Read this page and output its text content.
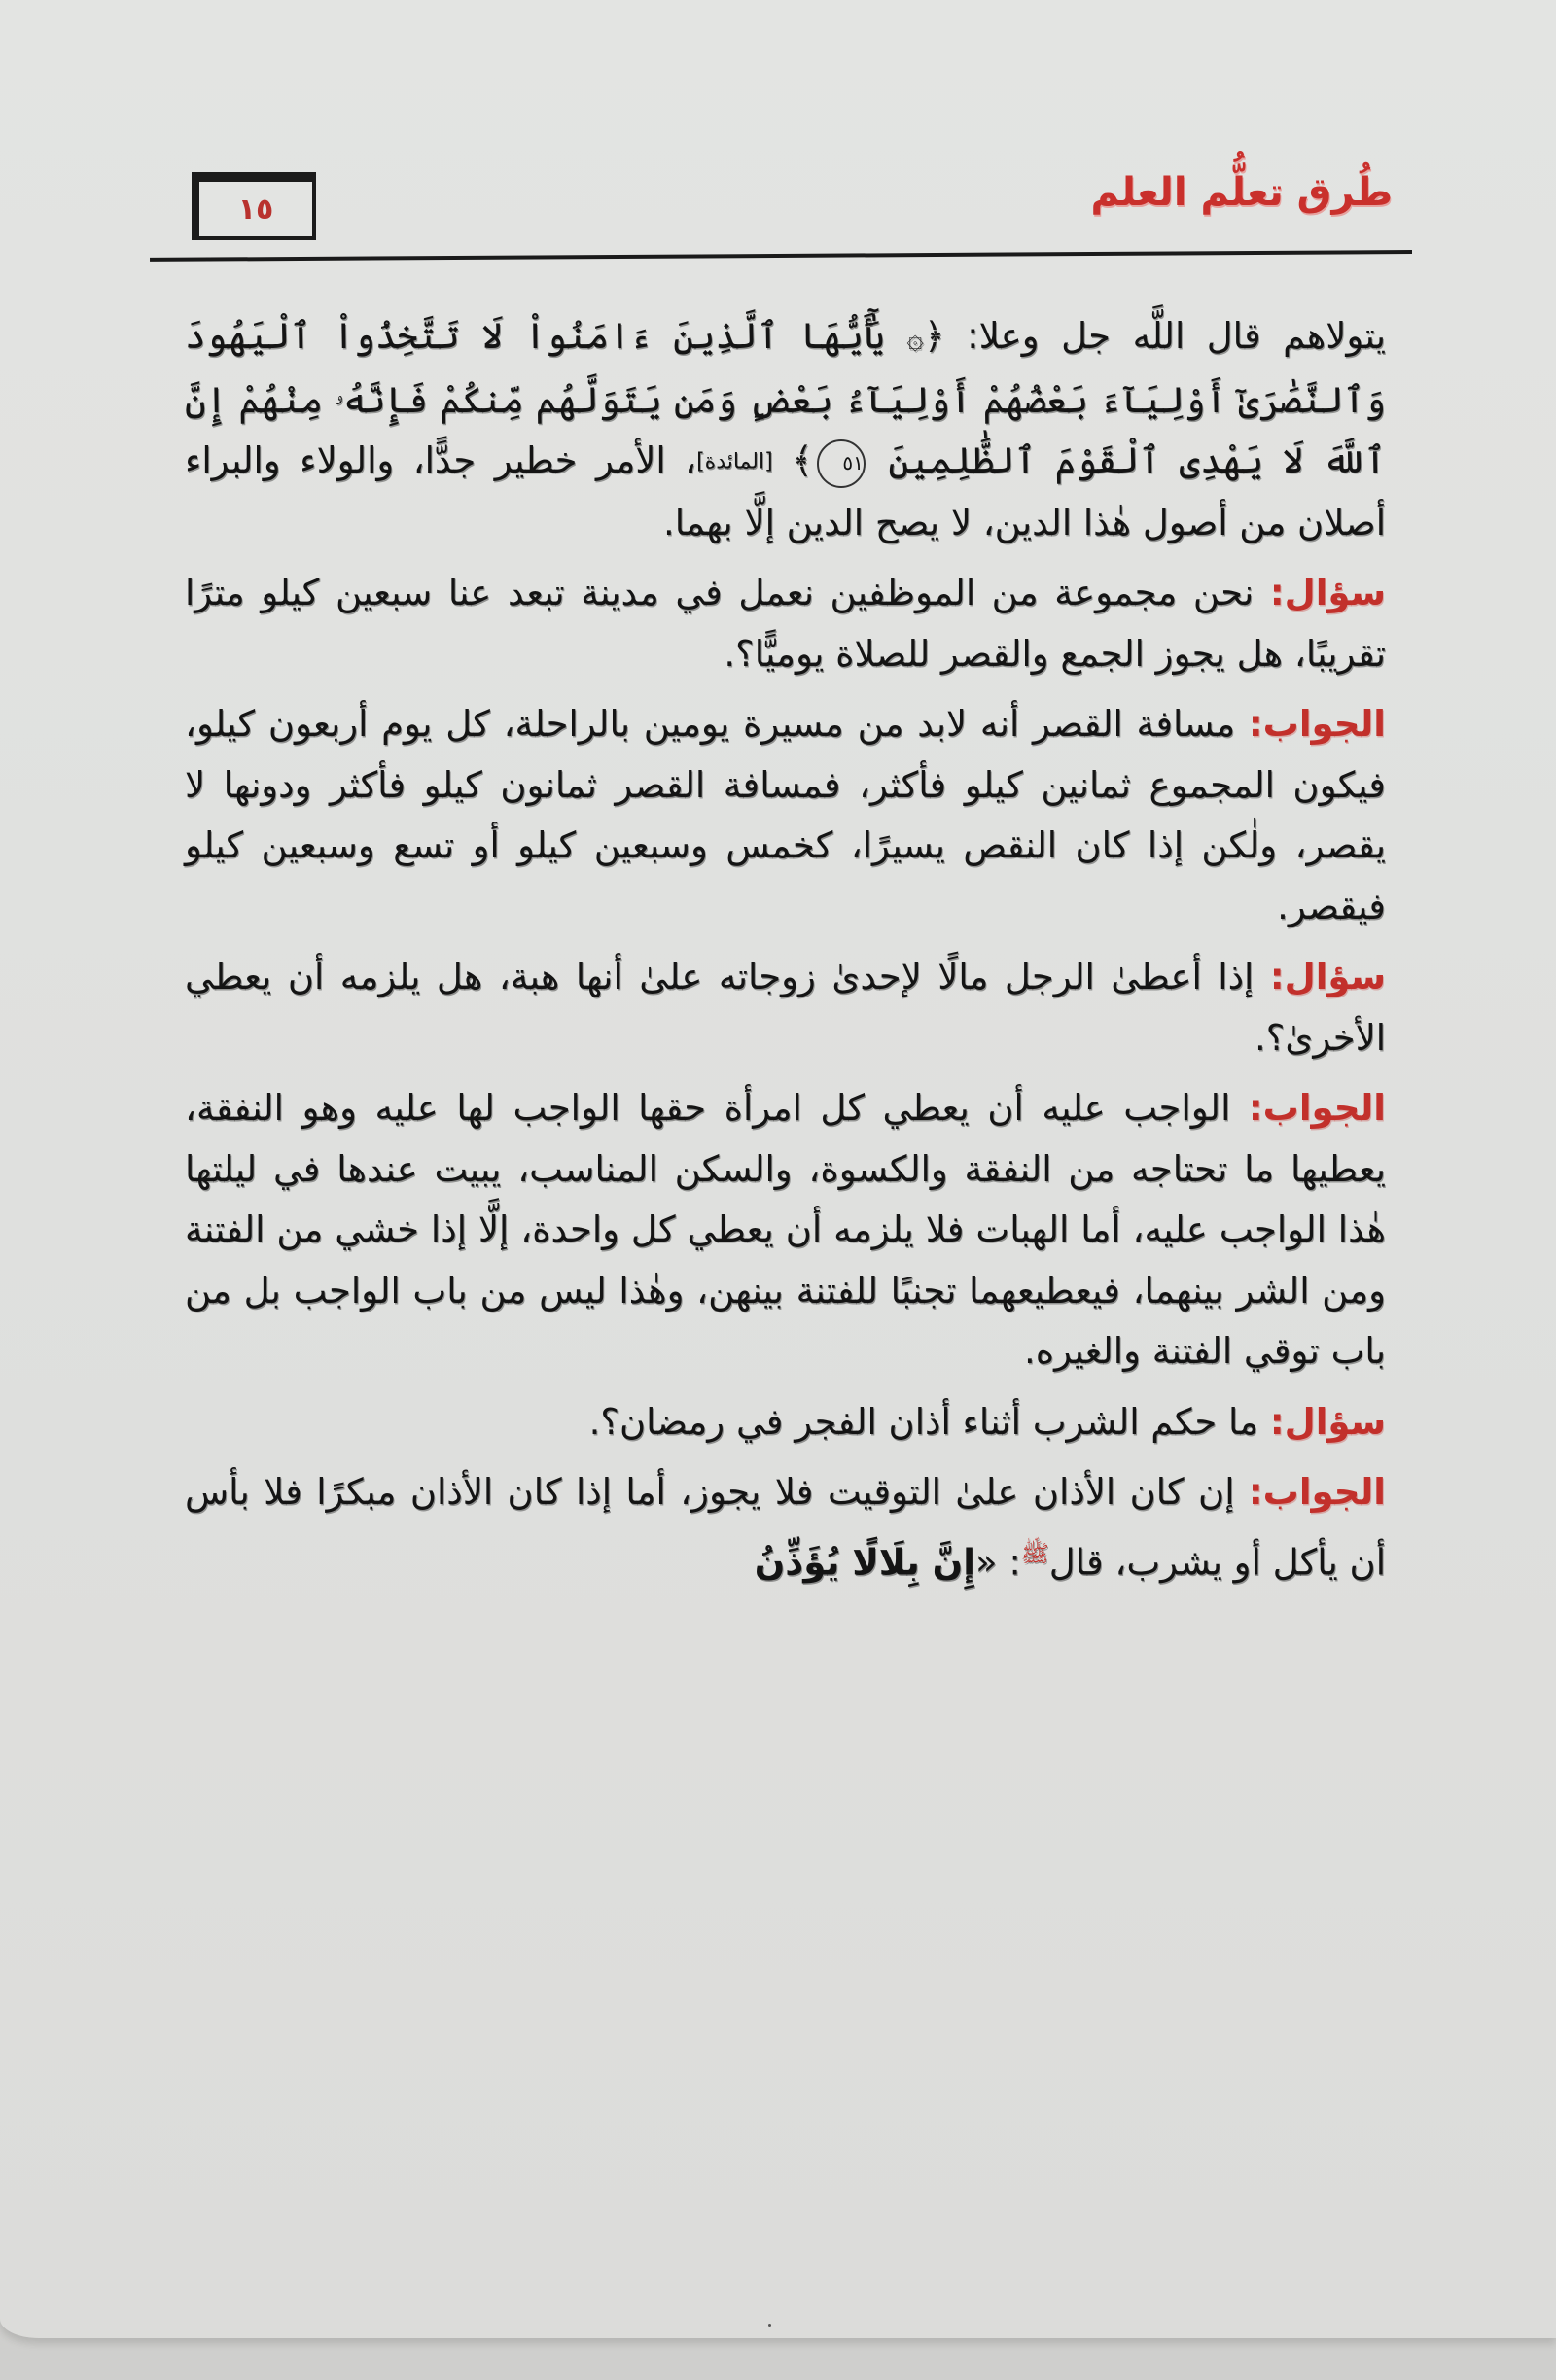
طُرق تعلُّم العلم
١٥

يتولاهم قال اللَّه جل وعلا: ﴿۞ يَٰٓأَيُّهَا ٱلَّذِينَ ءَامَنُواْ لَا تَتَّخِذُواْ ٱلْيَهُودَ وَٱلنَّصَٰرَىٰٓ أَوْلِيَآءَ بَعْضُهُمْ أَوْلِيَآءُ بَعْضٍ وَمَن يَتَوَلَّهُم مِّنكُمْ فَإِنَّهُۥ مِنْهُمْ إِنَّ ٱللَّهَ لَا يَهْدِى ٱلْقَوْمَ ٱلظَّٰلِمِينَ ٥١﴾ [المائدة]، الأمر خطير جدًّا، والولاء والبراء أصلان من أصول هٰذا الدين، لا يصح الدين إلَّا بهما.

سؤال: نحن مجموعة من الموظفين نعمل في مدينة تبعد عنا سبعين كيلو مترًا تقريبًا، هل يجوز الجمع والقصر للصلاة يوميًّا؟.

الجواب: مسافة القصر أنه لابد من مسيرة يومين بالراحلة، كل يوم أربعون كيلو، فيكون المجموع ثمانين كيلو فأكثر، فمسافة القصر ثمانون كيلو فأكثر ودونها لا يقصر، ولٰكن إذا كان النقص يسيرًا، كخمس وسبعين كيلو أو تسع وسبعين كيلو فيقصر.

سؤال: إذا أعطىٰ الرجل مالًا لإحدىٰ زوجاته علىٰ أنها هبة، هل يلزمه أن يعطي الأخرىٰ؟.

الجواب: الواجب عليه أن يعطي كل امرأة حقها الواجب لها عليه وهو النفقة، يعطيها ما تحتاجه من النفقة والكسوة، والسكن المناسب، يبيت عندها في ليلتها هٰذا الواجب عليه، أما الهبات فلا يلزمه أن يعطي كل واحدة، إلَّا إذا خشي من الفتنة ومن الشر بينهما، فيعطيعهما تجنبًا للفتنة بينهن، وهٰذا ليس من باب الواجب بل من باب توقي الفتنة والغيره.

سؤال: ما حكم الشرب أثناء أذان الفجر في رمضان؟.

الجواب: إن كان الأذان علىٰ التوقيت فلا يجوز، أما إذا كان الأذان مبكرًا فلا بأس أن يأكل أو يشرب، قال$^ﷺ$: «إِنَّ بِلَالًا يُؤَذِّنُ
